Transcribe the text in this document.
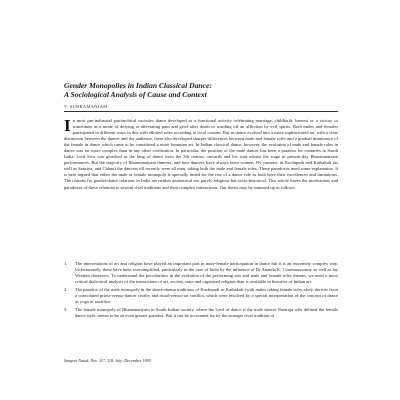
Gender Monopolies in Indian Classical Dance:
A Sociological Analysis of Cause and Context
V. SUBRAMANIAM
I n most pre-industrial patriarchical societies dance developed as a functional activity celebrating marriage, childbirth, harvest or a victory or sometimes as a mode of defying or alleviating pain and grief after death or warding off an affliction by evil spirits. Both males and females participated in different ways in this with allotted roles according to local custom. But as dance evolved into a more sophisticated art, with a clear distinction between the dancer and the audience, there also developed sharper differences between male and female roles and a gradual dominance of the female in dance which came to be considered a more feminine art. In Indian classical dance, however, the evolution of male and female roles in dance was far more complex than in any other civilization. In particular, the position of the male dancer has been a paradox for centuries in South India. Lord Siva was glorified as the king of dance from the 5th century onwards and his icon adorns the stage in present-day Bharatanatyam performances. But the majority of Bharatanatyam dancers, and best dancers have always been women. By contrast, in Kuchipudi and Kathakali (as well as Sattriya, and Chhau) the dancers till recently were all men, taking both the male and female roles. These paradoxes need some explanation. It is here argued that either the male or female monopoly is specially timed for the rise of a dance role as both have their excellences and limitations. The reasons for gender-dance relations in India are neither anatomical nor purely religious but socio-historical. This article traces the motivations and paradoxes of these relations to several rival traditions and their complex interactions. Our thesis may be summed up as follows.
1.	The interrelations of art and religion have played an important part in male-female participation in dance but it is an extremely complex way. Unfortunately, these have been oversimplified, particularly in the case of India by the influence of Dr Ananda K. Coomaraswamy as well as lay Western observers. To understand the peculiarities in the evolution of the performing arts and male and female roles therein, we need a more critical dialectical analysis of the interactions of art, society, state and organized religion than is available in histories of Indian art.
2.	The paradox of the male monopoly in the dance-drama traditions of Kuchipudi or Kathakali (with males taking female roles also), derives from a convoluted priest-versus-dancer rivalry and ritual-versus-art conflict, which were resolved by a special interpretation of the concept of dance as yoga or sacrifice.
3.	The female monopoly of Bharatanatyam in South Indian society, where the Lord of dance is the male dancer Nataraja who defined the female dance style, seems to be an even greater paradox. But it can be accounted for by the stronger rival tradition of
Sangeet Natak, Nos. 117–118, July–December 1995
